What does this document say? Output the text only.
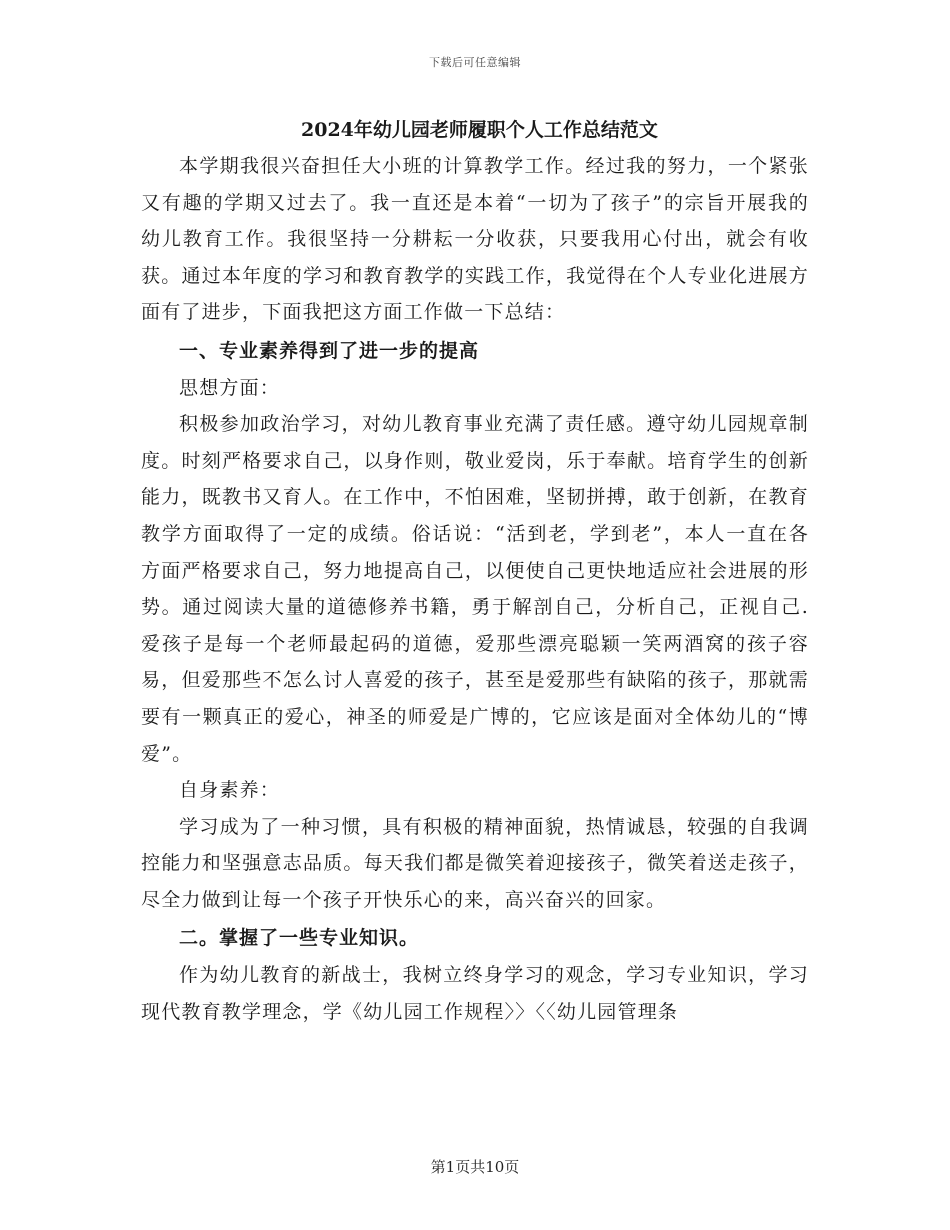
下载后可任意编辑
2024年幼儿园老师履职个人工作总结范文

本学期我很兴奋担任大小班的计算教学工作。经过我的努力，一个紧张又有趣的学期又过去了。我一直还是本着“一切为了孩子”的宗旨开展我的幼儿教育工作。我很坚持一分耕耘一分收获，只要我用心付出，就会有收获。通过本年度的学习和教育教学的实践工作，我觉得在个人专业化进展方面有了进步，下面我把这方面工作做一下总结：

一、专业素养得到了进一步的提高

思想方面：

积极参加政治学习，对幼儿教育事业充满了责任感。遵守幼儿园规章制度。时刻严格要求自己，以身作则，敬业爱岗，乐于奉献。培育学生的创新能力，既教书又育人。在工作中，不怕困难，坚韧拼搏，敢于创新，在教育教学方面取得了一定的成绩。俗话说：“活到老，学到老”，本人一直在各方面严格要求自己，努力地提高自己，以便使自己更快地适应社会进展的形势。通过阅读大量的道德修养书籍，勇于解剖自己，分析自己，正视自己.爱孩子是每一个老师最起码的道德，爱那些漂亮聪颖一笑两酒窝的孩子容易，但爱那些不怎么讨人喜爱的孩子，甚至是爱那些有缺陷的孩子，那就需要有一颗真正的爱心，神圣的师爱是广博的，它应该是面对全体幼儿的“博爱”。

自身素养：

学习成为了一种习惯，具有积极的精神面貌，热情诚恳，较强的自我调控能力和坚强意志品质。每天我们都是微笑着迎接孩子，微笑着送走孩子，尽全力做到让每一个孩子开快乐心的来，高兴奋兴的回家。

二。掌握了一些专业知识。

作为幼儿教育的新战士，我树立终身学习的观念，学习专业知识，学习现代教育教学理念，学《幼儿园工作规程〉〉〈〈幼儿园管理条

第1页共10页
